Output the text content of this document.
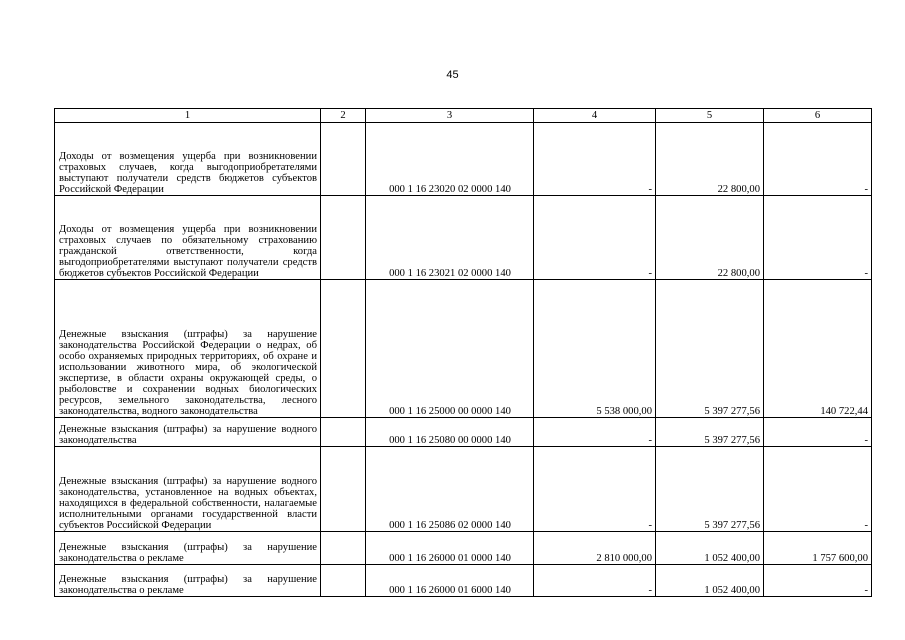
45
1	2	3	4	5	6
Доходы от возмещения ущерба при возникновении страховых случаев, когда выгодоприобретателями выступают получатели средств бюджетов субъектов Российской Федерации		000 1 16 23020 02 0000 140	-	22 800,00	-
Доходы от возмещения ущерба при возникновении страховых случаев по обязательному страхованию гражданской ответственности, когда выгодоприобретателями выступают получатели средств бюджетов субъектов Российской Федерации		000 1 16 23021 02 0000 140	-	22 800,00	-
Денежные взыскания (штрафы) за нарушение законодательства Российской Федерации о недрах, об особо охраняемых природных территориях, об охране и использовании животного мира, об экологической экспертизе, в области охраны окружающей среды, о рыболовстве и сохранении водных биологических ресурсов, земельного законодательства, лесного законодательства, водного законодательства		000 1 16 25000 00 0000 140	5 538 000,00	5 397 277,56	140 722,44
Денежные взыскания (штрафы) за нарушение водного законодательства		000 1 16 25080 00 0000 140	-	5 397 277,56	-
Денежные взыскания (штрафы) за нарушение водного законодательства, установленное на водных объектах, находящихся в федеральной собственности, налагаемые исполнительными органами государственной власти субъектов Российской Федерации		000 1 16 25086 02 0000 140	-	5 397 277,56	-
Денежные взыскания (штрафы) за нарушение законодательства о рекламе		000 1 16 26000 01 0000 140	2 810 000,00	1 052 400,00	1 757 600,00
Денежные взыскания (штрафы) за нарушение законодательства о рекламе		000 1 16 26000 01 6000 140	-	1 052 400,00	-
